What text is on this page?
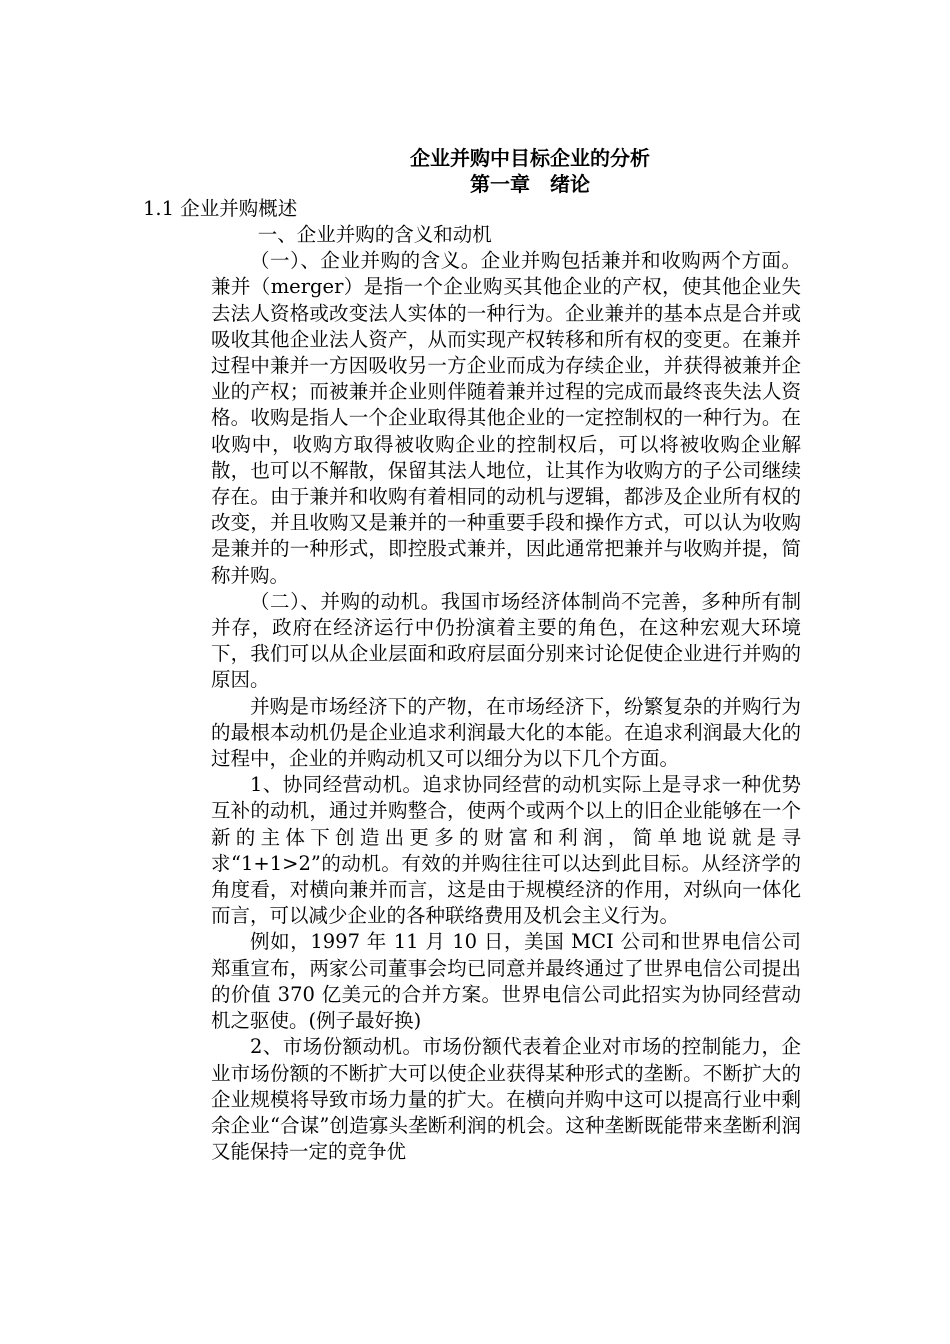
企业并购中目标企业的分析
第一章　绪论
1.1 企业并购概述

一、企业并购的含义和动机

（一）、企业并购的含义。企业并购包括兼并和收购两个方面。兼并（merger）是指一个企业购买其他企业的产权，使其他企业失去法人资格或改变法人实体的一种行为。企业兼并的基本点是合并或吸收其他企业法人资产，从而实现产权转移和所有权的变更。在兼并过程中兼并一方因吸收另一方企业而成为存续企业，并获得被兼并企业的产权；而被兼并企业则伴随着兼并过程的完成而最终丧失法人资格。收购是指人一个企业取得其他企业的一定控制权的一种行为。在收购中，收购方取得被收购企业的控制权后，可以将被收购企业解散，也可以不解散，保留其法人地位，让其作为收购方的子公司继续存在。由于兼并和收购有着相同的动机与逻辑，都涉及企业所有权的改变，并且收购又是兼并的一种重要手段和操作方式，可以认为收购是兼并的一种形式，即控股式兼并，因此通常把兼并与收购并提，简称并购。

（二）、并购的动机。我国市场经济体制尚不完善，多种所有制并存，政府在经济运行中仍扮演着主要的角色，在这种宏观大环境下，我们可以从企业层面和政府层面分别来讨论促使企业进行并购的原因。

并购是市场经济下的产物，在市场经济下，纷繁复杂的并购行为的最根本动机仍是企业追求利润最大化的本能。在追求利润最大化的过程中，企业的并购动机又可以细分为以下几个方面。

1、协同经营动机。追求协同经营的动机实际上是寻求一种优势互补的动机，通过并购整合，使两个或两个以上的旧企业能够在一个新的主体下创造出更多的财富和利润，简单地说就是寻求“1+1>2”的动机。有效的并购往往可以达到此目标。从经济学的角度看，对横向兼并而言，这是由于规模经济的作用，对纵向一体化而言，可以减少企业的各种联络费用及机会主义行为。

例如，1997 年 11 月 10 日，美国 MCI 公司和世界电信公司郑重宣布，两家公司董事会均已同意并最终通过了世界电信公司提出的价值 370 亿美元的合并方案。世界电信公司此招实为协同经营动机之驱使。(例子最好换)

2、市场份额动机。市场份额代表着企业对市场的控制能力，企业市场份额的不断扩大可以使企业获得某种形式的垄断。不断扩大的企业规模将导致市场力量的扩大。在横向并购中这可以提高行业中剩余企业“合谋”创造寡头垄断利润的机会。这种垄断既能带来垄断利润又能保持一定的竞争优
